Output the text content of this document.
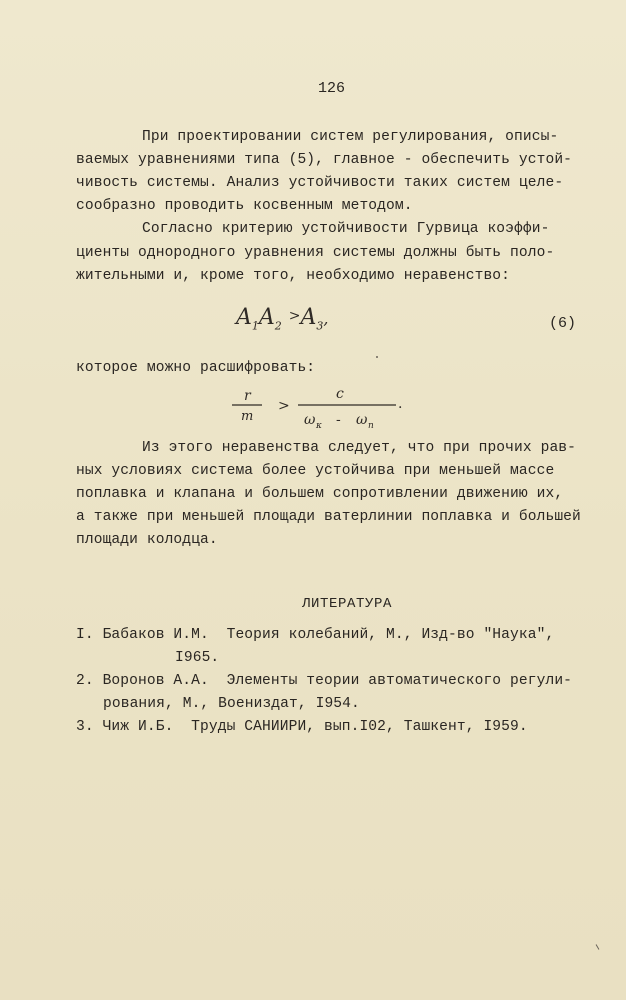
126
При проектировании систем регулирования, описы-
ваемых уравнениями типа (5), главное - обеспечить устой-
чивость системы. Анализ устойчивости таких систем целе-
сообразно проводить косвенным методом.
Согласно критерию устойчивости Гурвица коэффи-
циенты однородного уравнения системы должны быть поло-
жительными и, кроме того, необходимо неравенство:
$A_1A_2 >A_3$,	(6)
которое можно расшифровать:
r
m
>
c
ω κ - ω n
.
Из этого неравенства следует, что при прочих рав-
ных условиях система более устойчива при меньшей массе
поплавка и клапана и большем сопротивлении движению их,
а также при меньшей площади ватерлинии поплавка и большей
площади колодца.
ЛИТЕРАТУРА
I. Бабаков И.М.  Теория колебаний, М., Изд-во "Наука",
I965.
2. Воронов А.А.  Элементы теории автоматического регули-
рования, М., Воениздат, I954.
3. Чиж И.Б.  Труды САНИИРИ, вып.I02, Ташкент, I959.
